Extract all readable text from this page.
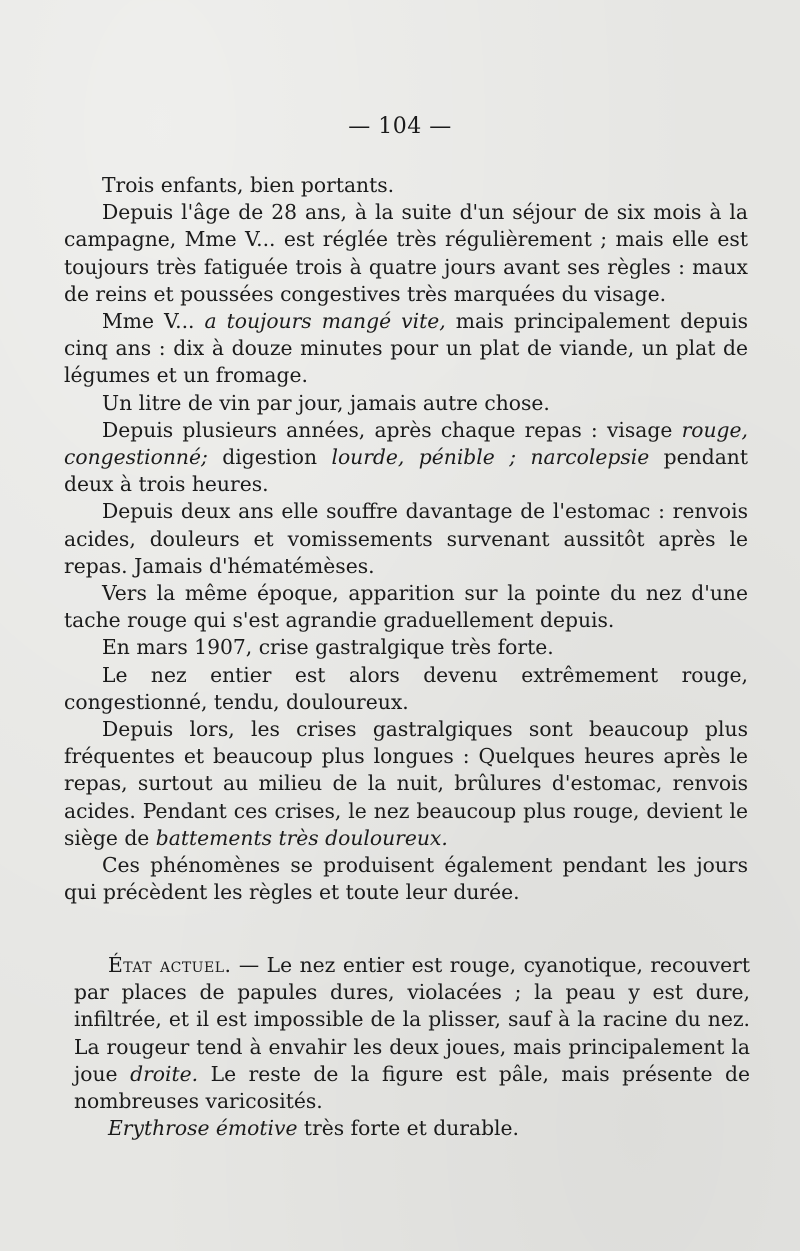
— 104 —

Trois enfants, bien portants.

Depuis l'âge de 28 ans, à la suite d'un séjour de six mois à la campagne, Mme V... est réglée très régulièrement ; mais elle est toujours très fatiguée trois à quatre jours avant ses règles : maux de reins et poussées congestives très marquées du visage.

Mme V... a toujours mangé vite, mais principalement depuis cinq ans : dix à douze minutes pour un plat de viande, un plat de légumes et un fromage.

Un litre de vin par jour, jamais autre chose.

Depuis plusieurs années, après chaque repas : visage rouge, congestionné; digestion lourde, pénible ; narcolepsie pendant deux à trois heures.

Depuis deux ans elle souffre davantage de l'estomac : renvois acides, douleurs et vomissements survenant aussitôt après le repas. Jamais d'hématémèses.

Vers la même époque, apparition sur la pointe du nez d'une tache rouge qui s'est agrandie graduellement depuis.

En mars 1907, crise gastralgique très forte.

Le nez entier est alors devenu extrêmement rouge, congestionné, tendu, douloureux.

Depuis lors, les crises gastralgiques sont beaucoup plus fréquentes et beaucoup plus longues : Quelques heures après le repas, surtout au milieu de la nuit, brûlures d'estomac, renvois acides. Pendant ces crises, le nez beaucoup plus rouge, devient le siège de battements très douloureux.

Ces phénomènes se produisent également pendant les jours qui précèdent les règles et toute leur durée.

État actuel. — Le nez entier est rouge, cyanotique, recouvert par places de papules dures, violacées ; la peau y est dure, infiltrée, et il est impossible de la plisser, sauf à la racine du nez. La rougeur tend à envahir les deux joues, mais principalement la joue droite. Le reste de la figure est pâle, mais présente de nombreuses varicosités.

Erythrose émotive très forte et durable.
